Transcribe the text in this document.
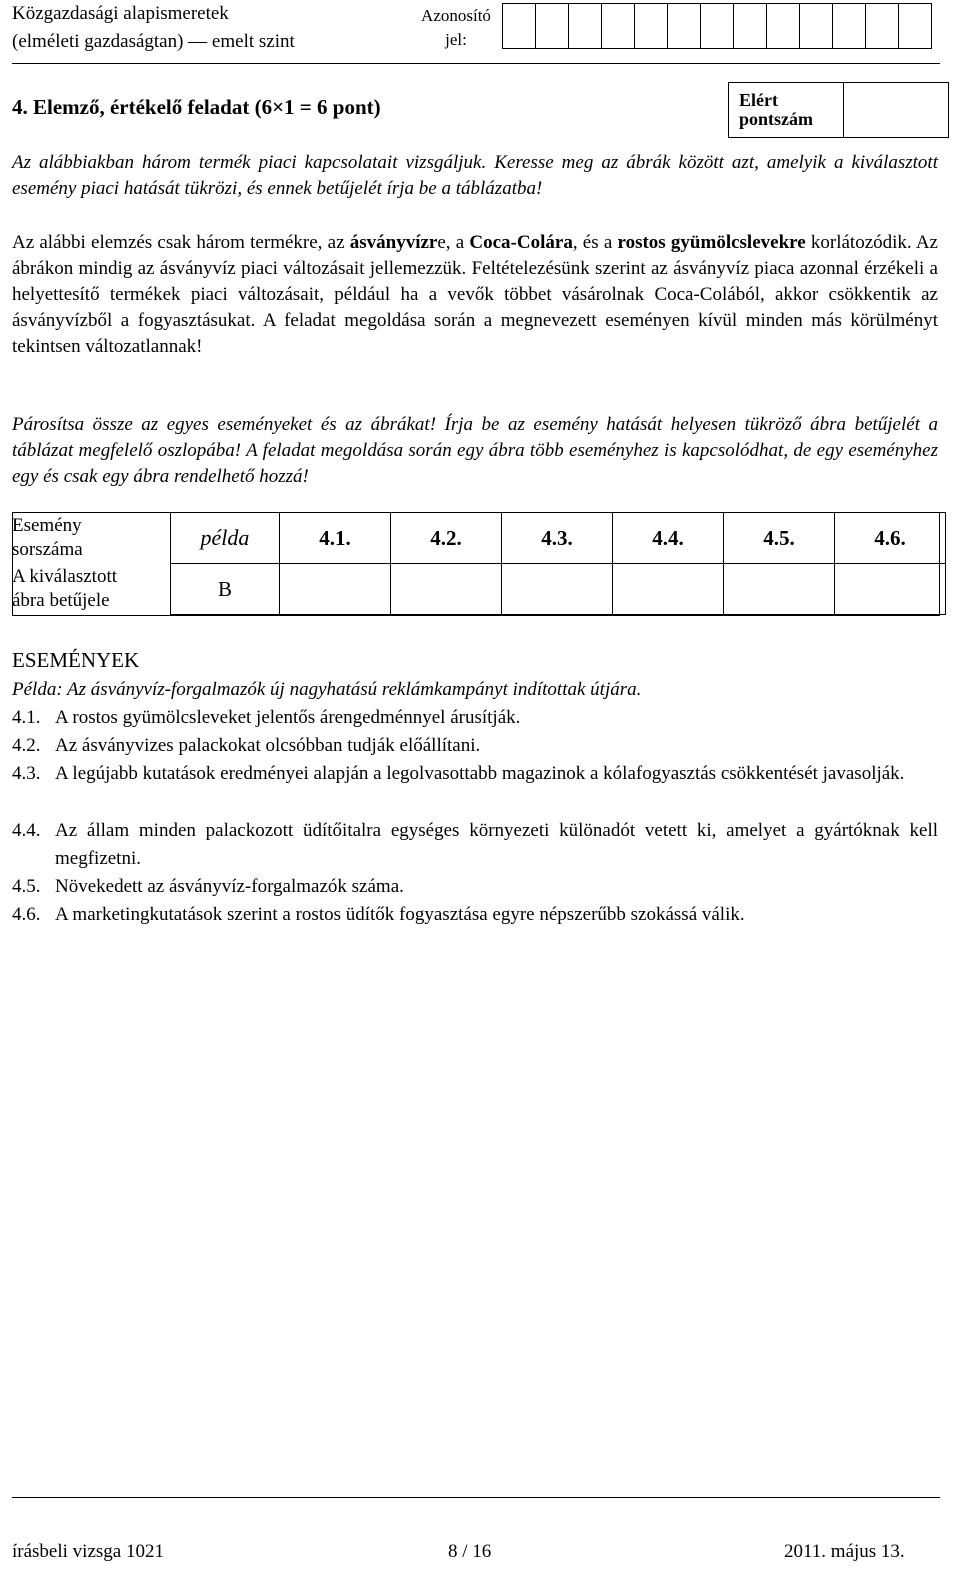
Közgazdasági alapismeretek
(elméleti gazdaságtan) — emelt szint
Azonosító
jel:
4. Elemző, értékelő feladat (6×1 = 6 pont)	Elért
pontszám
Az alábbiakban három termék piaci kapcsolatait vizsgáljuk. Keresse meg az ábrák között azt, amelyik a kiválasztott esemény piaci hatását tükrözi, és ennek betűjelét írja be a táblázatba!
Az alábbi elemzés csak három termékre, az ásványvízre, a Coca-Colára, és a rostos gyümölcslevekre korlátozódik. Az ábrákon mindig az ásványvíz piaci változásait jellemezzük. Feltételezésünk szerint az ásványvíz piaca azonnal érzékeli a helyettesítő termékek piaci változásait, például ha a vevők többet vásárolnak Coca-Colából, akkor csökkentik az ásványvízből a fogyasztásukat. A feladat megoldása során a megnevezett eseményen kívül minden más körülményt tekintsen változatlannak!
Párosítsa össze az egyes eseményeket és az ábrákat! Írja be az esemény hatását helyesen tükröző ábra betűjelét a táblázat megfelelő oszlopába! A feladat megoldása során egy ábra több eseményhez is kapcsolódhat, de egy eseményhez egy és csak egy ábra rendelhető hozzá!
Esemény
sorszáma	példa	4.1.	4.2.	4.3.	4.4.	4.5.	4.6.

A kiválasztott
ábra betűjele	B						
ESEMÉNYEK
Példa: Az ásványvíz-forgalmazók új nagyhatású reklámkampányt indítottak útjára.
4.1. A rostos gyümölcsleveket jelentős árengedménnyel árusítják.
4.2. Az ásványvizes palackokat olcsóbban tudják előállítani.
4.3. A legújabb kutatások eredményei alapján a legolvasottabb magazinok a kólafogyasztás csökkentését javasolják.
4.4. Az állam minden palackozott üdítőitalra egységes környezeti különadót vetett ki, amelyet a gyártóknak kell megfizetni.
4.5. Növekedett az ásványvíz-forgalmazók száma.
4.6. A marketingkutatások szerint a rostos üdítők fogyasztása egyre népszerűbb szokássá válik.
írásbeli vizsga 1021	8 / 16	2011. május 13.
